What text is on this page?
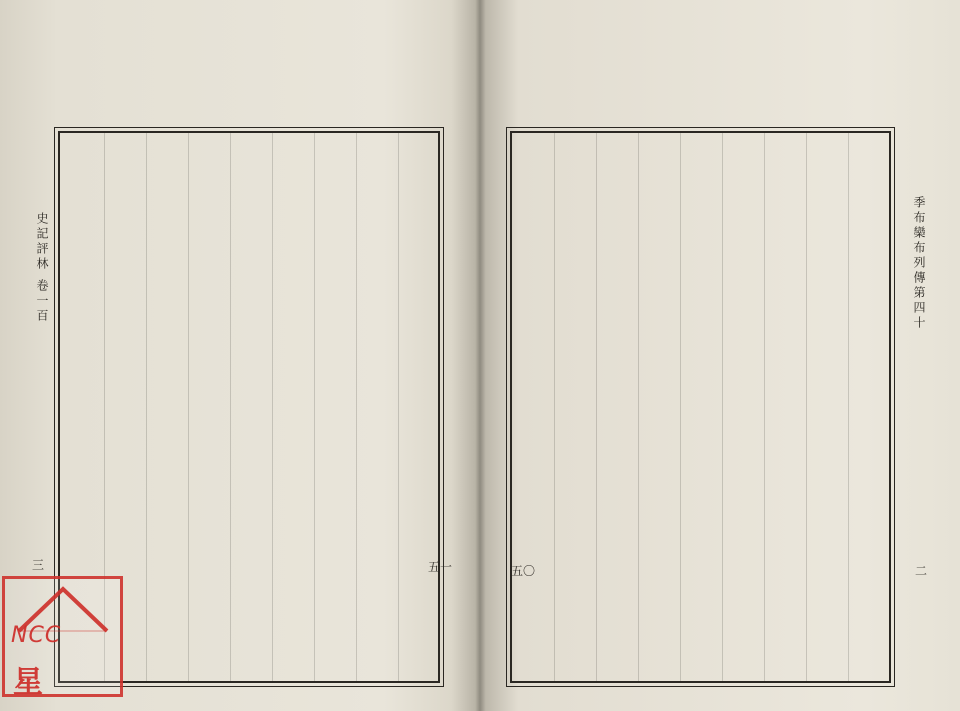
史記評林 卷一百
三	五一
NCC
星
季布欒布列傳第四十
二
五〇
